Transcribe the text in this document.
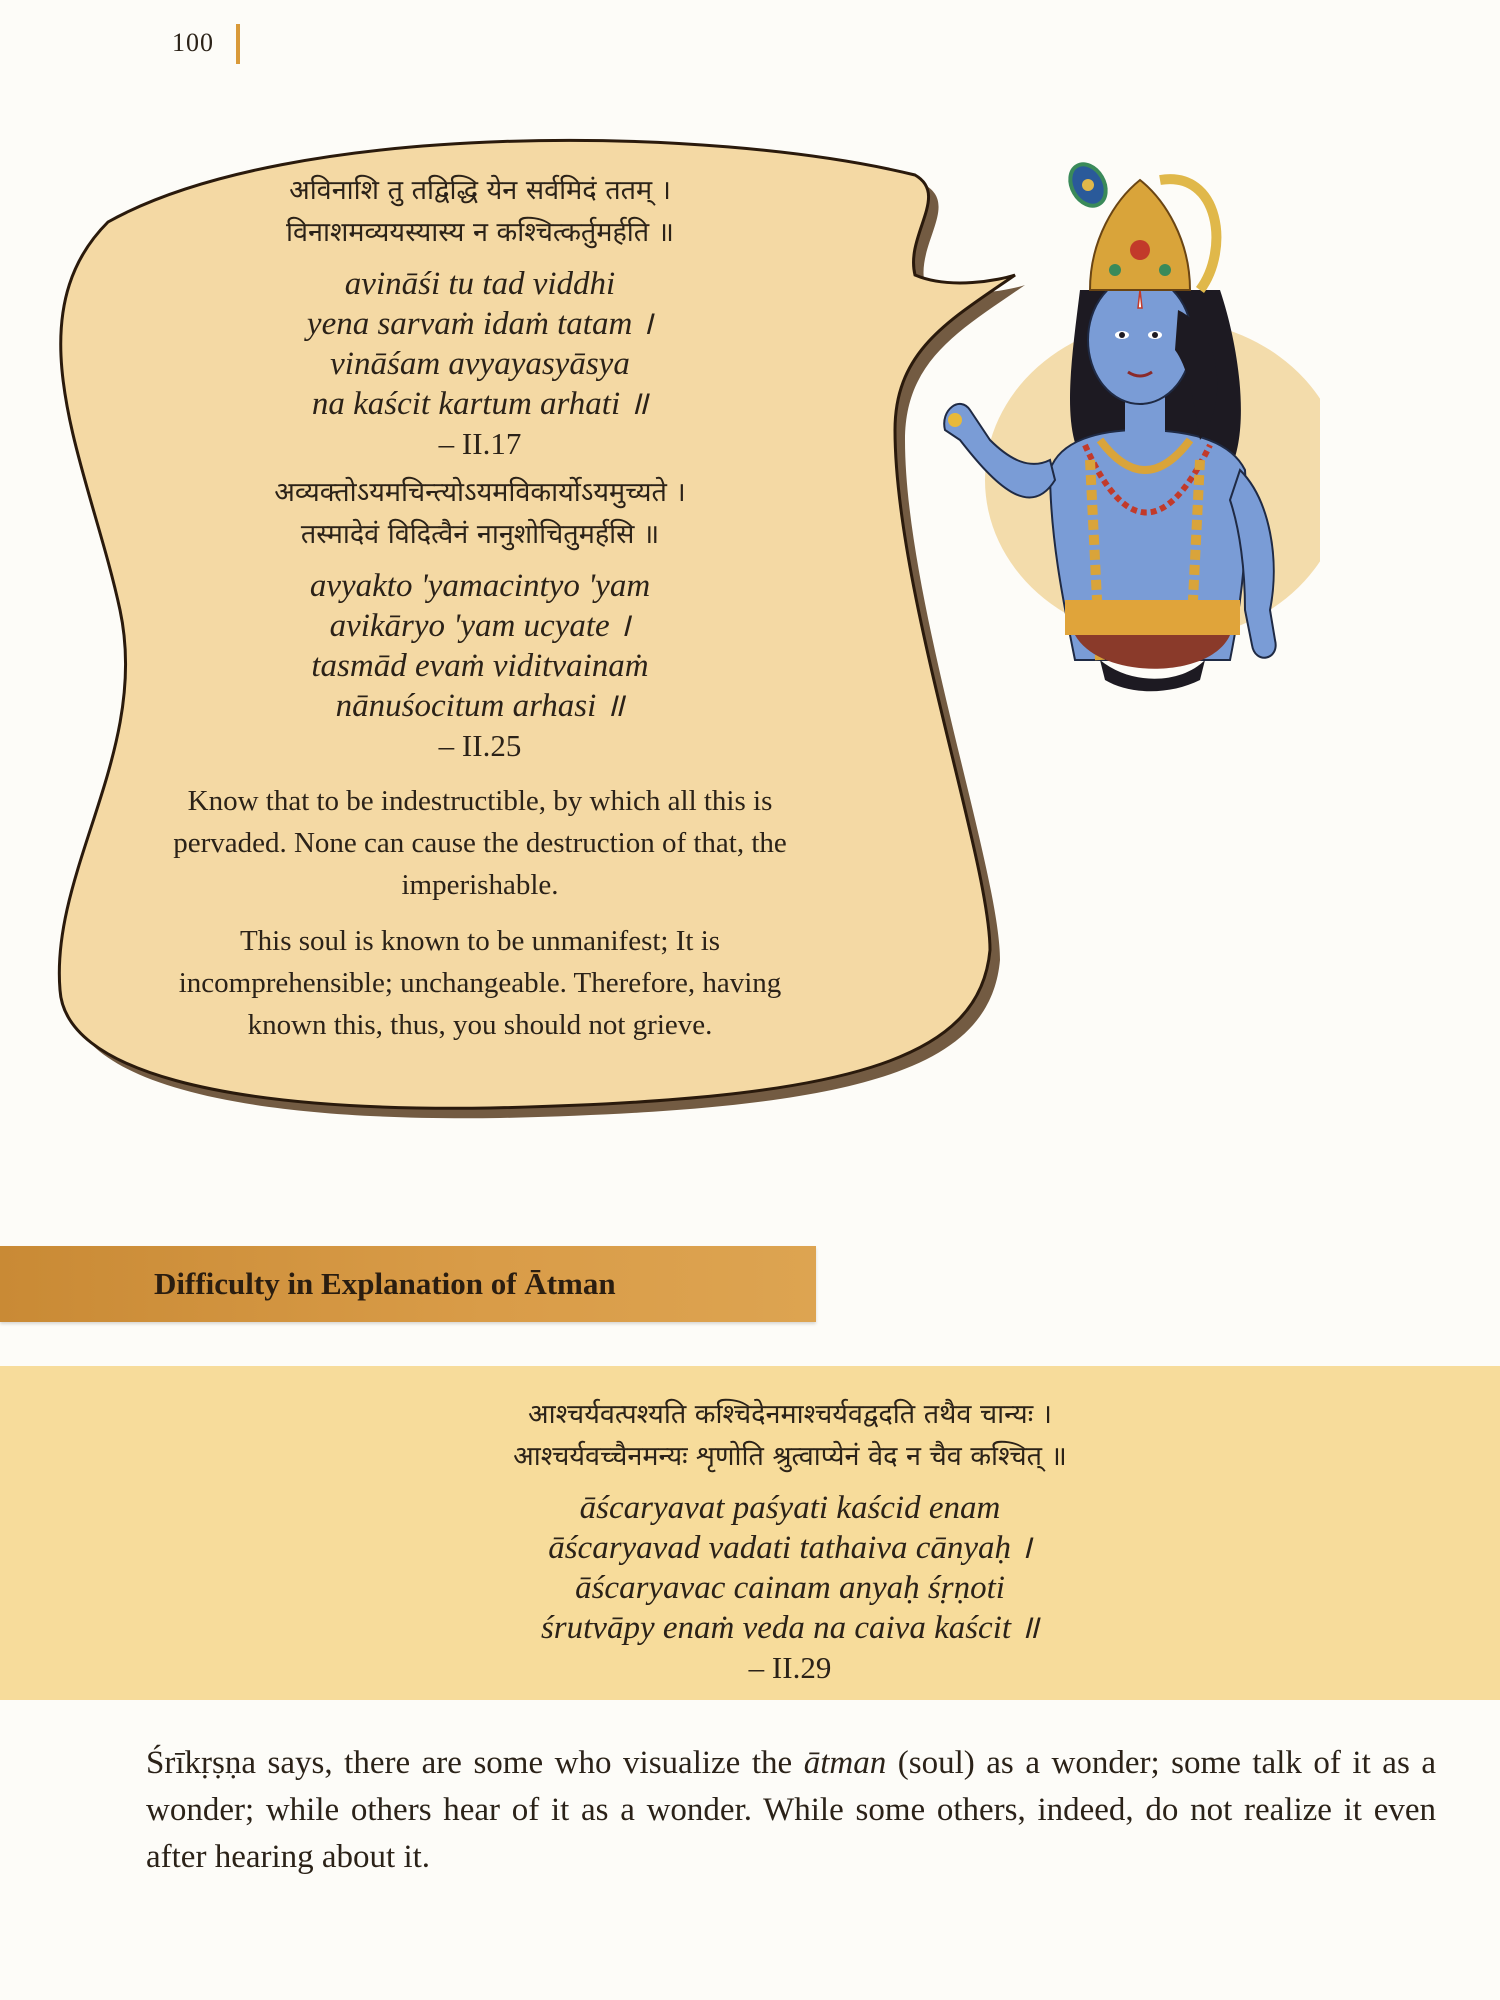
100

अविनाशि तु तद्विद्धि येन सर्वमिदं ततम् ।

विनाशमव्ययस्यास्य न कश्चित्कर्तुमर्हति ॥

avināśi tu tad viddhi

yena sarvaṁ idaṁ tatam ।

vināśam avyayasyāsya

na kaścit kartum arhati ॥

– II.17

अव्यक्तोऽयमचिन्त्योऽयमविकार्योऽयमुच्यते ।

तस्मादेवं विदित्वैनं नानुशोचितुमर्हसि ॥

avyakto 'yamacintyo 'yam

avikāryo 'yam ucyate ।

tasmād evaṁ viditvainaṁ

nānuśocitum arhasi ॥

– II.25

Know that to be indestructible, by which all this is pervaded. None can cause the destruction of that, the imperishable.

This soul is known to be unmanifest; It is incomprehensible; unchangeable. Therefore, having known this, thus, you should not grieve.

Difficulty in Explanation of Ātman

आश्चर्यवत्पश्यति कश्चिदेनमाश्चर्यवद्वदति तथैव चान्यः ।

आश्चर्यवच्चैनमन्यः शृणोति श्रुत्वाप्येनं वेद न चैव कश्चित् ॥

āścaryavat paśyati kaścid enam

āścaryavad vadati tathaiva cānyaḥ ।

āścaryavac cainam anyaḥ śṛṇoti

śrutvāpy enaṁ veda na caiva kaścit ॥

– II.29

Śrīkṛṣṇa says, there are some who visualize the ātman (soul) as a wonder; some talk of it as a wonder; while others hear of it as a wonder. While some others, indeed, do not realize it even after hearing about it.
